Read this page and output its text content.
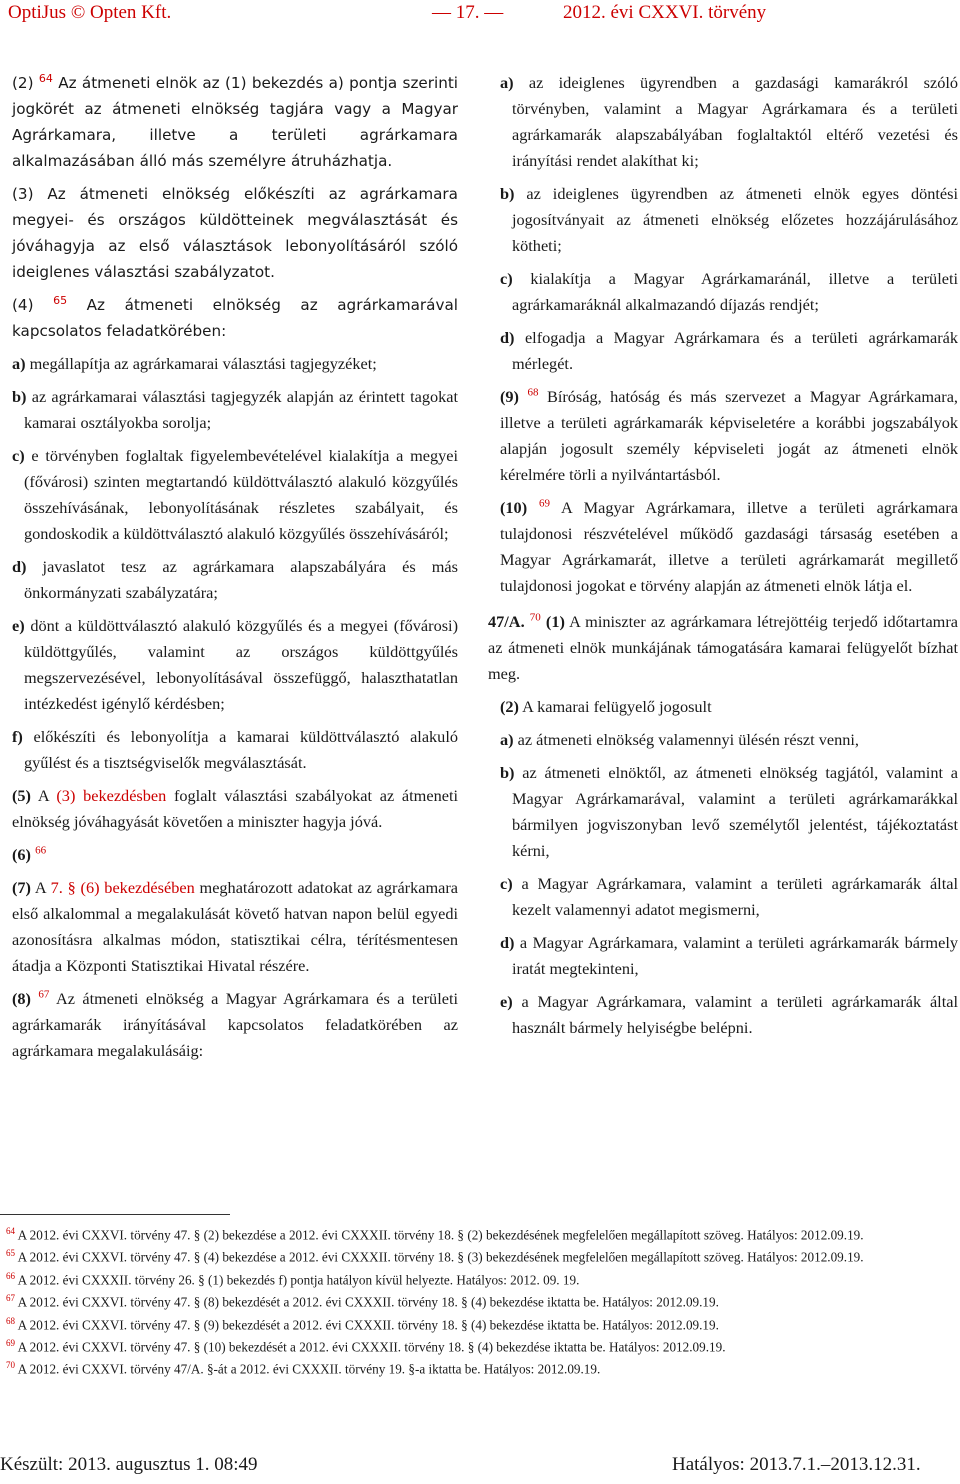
OptiJus © Opten Kft.	— 17. —	2012. évi CXXVI. törvény

(2) $^{64}$ Az átmeneti elnök az (1) bekezdés a) pontja szerinti jogkörét az átmeneti elnökség tagjára vagy a Magyar Agrárkamara, illetve a területi agrárkamara alkalmazásában álló más személyre átruházhatja.

(3) Az átmeneti elnökség előkészíti az agrárkamara megyei- és országos küldötteinek megválasztását és jóváhagyja az első választások lebonyolításáról szóló ideiglenes választási szabályzatot.

(4) $^{65}$ Az átmeneti elnökség az agrárkamarával kapcsolatos feladatkörében:

a) megállapítja az agrárkamarai választási tagjegyzéket;

b) az agrárkamarai választási tagjegyzék alapján az érintett tagokat kamarai osztályokba sorolja;

c) e törvényben foglaltak figyelembevételével kialakítja a megyei (fővárosi) szinten megtartandó küldöttválasztó alakuló közgyűlés összehívásának, lebonyolításának részletes szabályait, és gondoskodik a küldöttválasztó alakuló közgyűlés összehívásáról;

d) javaslatot tesz az agrárkamara alapszabályára és más önkormányzati szabályzatára;

e) dönt a küldöttválasztó alakuló közgyűlés és a megyei (fővárosi) küldöttgyűlés, valamint az országos küldöttgyűlés megszervezésével, lebonyolításával összefüggő, halaszthatatlan intézkedést igénylő kérdésben;

f) előkészíti és lebonyolítja a kamarai küldöttválasztó alakuló gyűlést és a tisztségviselők megválasztását.

(5) A (3) bekezdésben foglalt választási szabályokat az átmeneti elnökség jóváhagyását követően a miniszter hagyja jóvá.

(6) $^{66}$

(7) A 7. § (6) bekezdésében meghatározott adatokat az agrárkamara első alkalommal a megalakulását követő hatvan napon belül egyedi azonosításra alkalmas módon, statisztikai célra, térítésmentesen átadja a Központi Statisztikai Hivatal részére.

(8) $^{67}$ Az átmeneti elnökség a Magyar Agrárkamara és a területi agrárkamarák irányításával kapcsolatos feladatkörében az agrárkamara megalakulásáig:

a) az ideiglenes ügyrendben a gazdasági kamarákról szóló törvényben, valamint a Magyar Agrárkamara és a területi agrárkamarák alapszabályában foglaltaktól eltérő vezetési és irányítási rendet alakíthat ki;

b) az ideiglenes ügyrendben az átmeneti elnök egyes döntési jogosítványait az átmeneti elnökség előzetes hozzájárulásához kötheti;

c) kialakítja a Magyar Agrárkamaránál, illetve a területi agrárkamaráknál alkalmazandó díjazás rendjét;

d) elfogadja a Magyar Agrárkamara és a területi agrárkamarák mérlegét.

(9) $^{68}$ Bíróság, hatóság és más szervezet a Magyar Agrárkamara, illetve a területi agrárkamarák képviseletére a korábbi jogszabályok alapján jogosult személy képviseleti jogát az átmeneti elnök kérelmére törli a nyilvántartásból.

(10) $^{69}$ A Magyar Agrárkamara, illetve a területi agrárkamara tulajdonosi részvételével működő gazdasági társaság esetében a Magyar Agrárkamarát, illetve a területi agrárkamarát megillető tulajdonosi jogokat e törvény alapján az átmeneti elnök látja el.

47/A. $^{70}$ (1) A miniszter az agrárkamara létrejöttéig terjedő időtartamra az átmeneti elnök munkájának támogatására kamarai felügyelőt bízhat meg.

(2) A kamarai felügyelő jogosult

a) az átmeneti elnökség valamennyi ülésén részt venni,

b) az átmeneti elnöktől, az átmeneti elnökség tagjától, valamint a Magyar Agrárkamarával, valamint a területi agrárkamarákkal bármilyen jogviszonyban levő személytől jelentést, tájékoztatást kérni,

c) a Magyar Agrárkamara, valamint a területi agrárkamarák által kezelt valamennyi adatot megismerni,

d) a Magyar Agrárkamara, valamint a területi agrárkamarák bármely iratát megtekinteni,

e) a Magyar Agrárkamara, valamint a területi agrárkamarák által használt bármely helyiségbe belépni.

$^{64}$ A 2012. évi CXXVI. törvény 47. § (2) bekezdése a 2012. évi CXXXII. törvény 18. § (2) bekezdésének megfelelően megállapított szöveg. Hatályos: 2012.09.19.
$^{65}$ A 2012. évi CXXVI. törvény 47. § (4) bekezdése a 2012. évi CXXXII. törvény 18. § (3) bekezdésének megfelelően megállapított szöveg. Hatályos: 2012.09.19.
$^{66}$ A 2012. évi CXXXII. törvény 26. § (1) bekezdés f) pontja hatályon kívül helyezte. Hatályos: 2012. 09. 19.
$^{67}$ A 2012. évi CXXVI. törvény 47. § (8) bekezdését a 2012. évi CXXXII. törvény 18. § (4) bekezdése iktatta be. Hatályos: 2012.09.19.
$^{68}$ A 2012. évi CXXVI. törvény 47. § (9) bekezdését a 2012. évi CXXXII. törvény 18. § (4) bekezdése iktatta be. Hatályos: 2012.09.19.
$^{69}$ A 2012. évi CXXVI. törvény 47. § (10) bekezdését a 2012. évi CXXXII. törvény 18. § (4) bekezdése iktatta be. Hatályos: 2012.09.19.
$^{70}$ A 2012. évi CXXVI. törvény 47/A. §-át a 2012. évi CXXXII. törvény 19. §-a iktatta be. Hatályos: 2012.09.19.
Készült: 2013. augusztus 1. 08:49	Hatályos: 2013.7.1.–2013.12.31.
